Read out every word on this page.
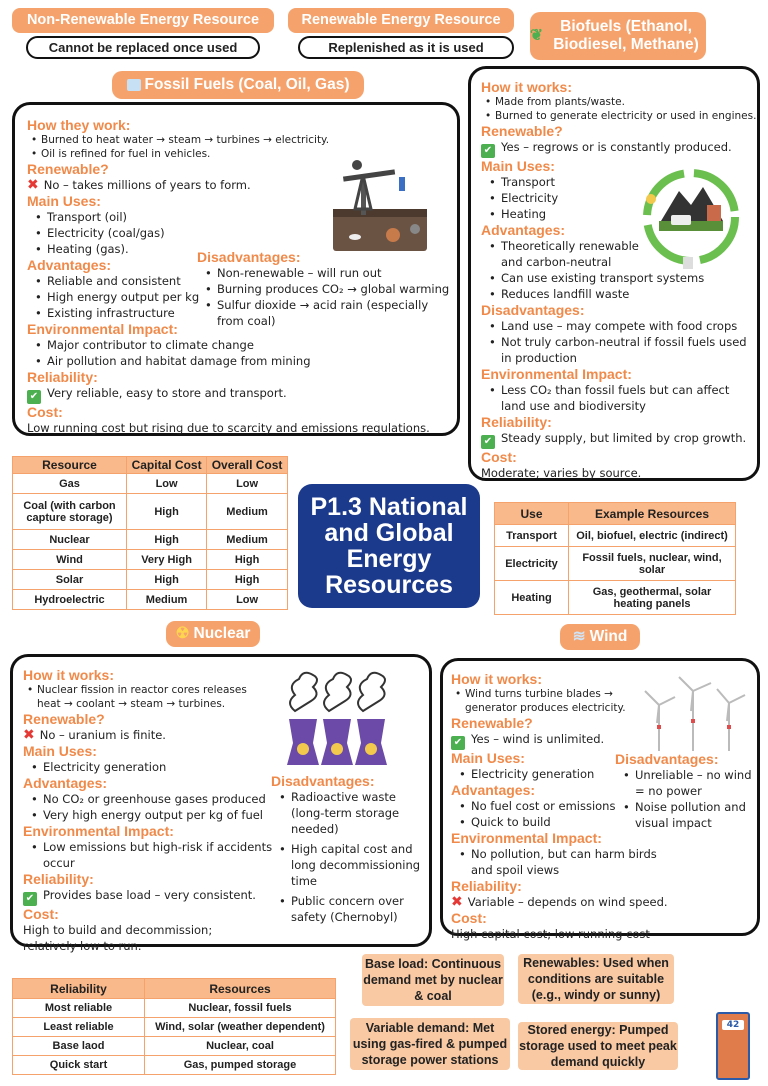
Non-Renewable Energy Resource
Cannot be replaced once used
Renewable Energy Resource
Replenished as it is used
❦
Biofuels (Ethanol, Biodiesel, Methane)
Fossil Fuels (Coal, Oil, Gas)
How they work:
• Burned to heat water → steam → turbines → electricity.
• Oil is refined for fuel in vehicles.
Renewable?
✖ No – takes millions of years to form.
Main Uses:
• Transport (oil)
• Electricity (coal/gas)
• Heating (gas).
Advantages:
• Reliable and consistent
• High energy output per kg
• Existing infrastructure
Environmental Impact:
• Major contributor to climate change
• Air pollution and habitat damage from mining
Reliability:
✔ Very reliable, easy to store and transport.
Cost:
Low running cost but rising due to scarcity and emissions regulations.
Disadvantages:
• Non-renewable – will run out
• Burning produces CO₂ → global warming
• Sulfur dioxide → acid rain (especially from coal)
How it works:
• Made from plants/waste.
• Burned to generate electricity or used in engines.
Renewable?
✔ Yes – regrows or is constantly produced.
Main Uses:
• Transport
• Electricity
• Heating
Advantages:
• Theoretically renewable and carbon-neutral
• Can use existing transport systems
• Reduces landfill waste
Disadvantages:
• Land use – may compete with food crops
• Not truly carbon-neutral if fossil fuels used in production
Environmental Impact:
• Less CO₂ than fossil fuels but can affect land use and biodiversity
Reliability:
✔ Steady supply, but limited by crop growth.
Cost:
Moderate; varies by source.
Resource	Capital Cost	Overall Cost
Gas	Low	Low
Coal (with carbon capture storage)	High	Medium
Nuclear	High	Medium
Wind	Very High	High
Solar	High	High
Hydroelectric	Medium	Low
P1.3 National and Global Energy Resources
Use	Example Resources
Transport	Oil, biofuel, electric (indirect)
Electricity	Fossil fuels, nuclear, wind, solar
Heating	Gas, geothermal, solar heating panels
☢ Nuclear	≋ Wind
How it works:
• Nuclear fission in reactor cores releases heat → coolant → steam → turbines.
Renewable?
✖ No – uranium is finite.
Main Uses:
• Electricity generation
Advantages:
• No CO₂ or greenhouse gases produced
• Very high energy output per kg of fuel
Environmental Impact:
• Low emissions but high-risk if accidents occur
Reliability:
✔ Provides base load – very consistent.
Cost:
High to build and decommission; relatively low to run.
Disadvantages:
• Radioactive waste (long-term storage needed)
• High capital cost and long decommissioning time
• Public concern over safety (Chernobyl)
How it works:
• Wind turns turbine blades → generator produces electricity.
Renewable?
✔ Yes – wind is unlimited.
Main Uses:
• Electricity generation
Advantages:
• No fuel cost or emissions
• Quick to build
Environmental Impact:
• No pollution, but can harm birds and spoil views
Reliability:
✖ Variable – depends on wind speed.
Cost:
High capital cost; low running cost
Disadvantages:
• Unreliable – no wind = no power
• Noise pollution and visual impact
Reliability	Resources
Most reliable	Nuclear, fossil fuels
Least reliable	Wind, solar (weather dependent)
Base laod	Nuclear, coal
Quick start	Gas, pumped storage
Base load: Continuous demand met by nuclear & coal
Renewables: Used when conditions are suitable (e.g., windy or sunny)
Variable demand: Met using gas-fired & pumped storage power stations
Stored energy: Pumped storage used to meet peak demand quickly
42
